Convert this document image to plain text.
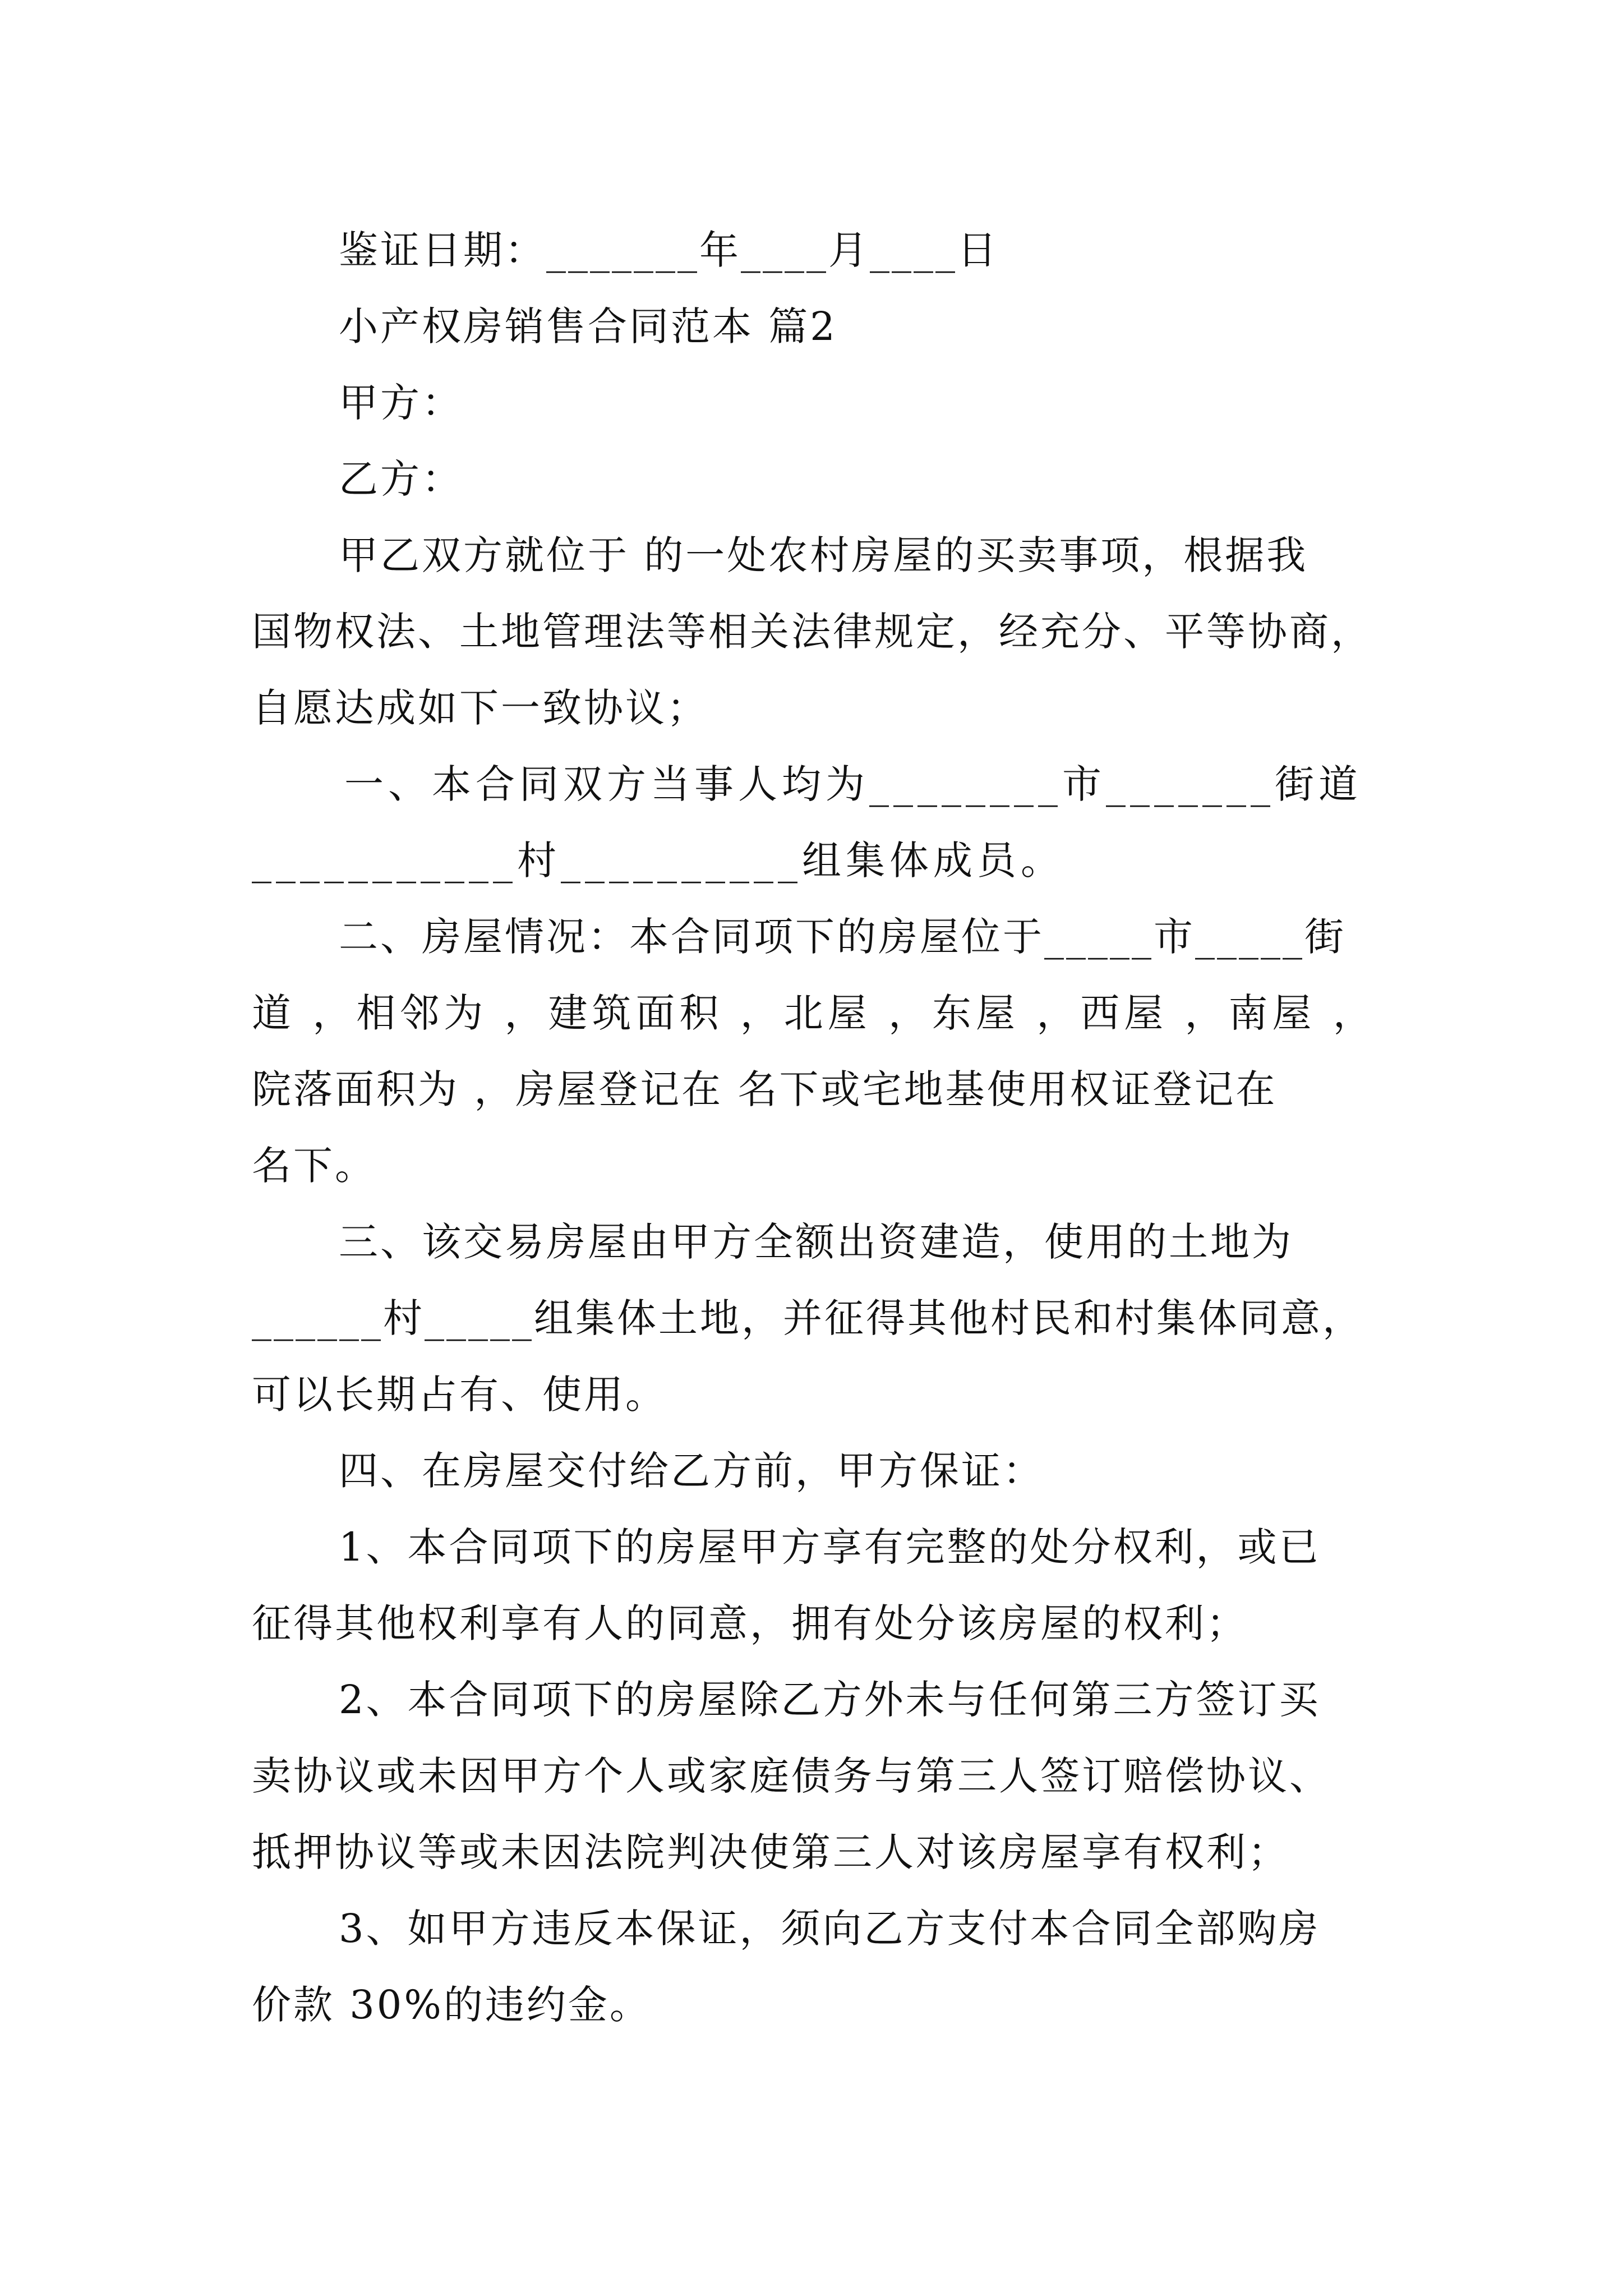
鉴证日期：_______年____月____日
小产权房销售合同范本 篇2
甲方：
乙方：
甲乙双方就位于 的一处农村房屋的买卖事项，根据我
国物权法、土地管理法等相关法律规定，经充分、平等协商，
自愿达成如下一致协议；
一、本合同双方当事人均为________市_______街道
___________村__________组集体成员。
二、房屋情况：本合同项下的房屋位于_____市_____街
道 ，相邻为 ，建筑面积 ，北屋 ，东屋 ，西屋 ，南屋 ，
院落面积为 ，房屋登记在 名下或宅地基使用权证登记在
名下。
三、该交易房屋由甲方全额出资建造，使用的土地为
______村_____组集体土地，并征得其他村民和村集体同意，
可以长期占有、使用。
四、在房屋交付给乙方前，甲方保证：
1、本合同项下的房屋甲方享有完整的处分权利，或已
征得其他权利享有人的同意，拥有处分该房屋的权利；
2、本合同项下的房屋除乙方外未与任何第三方签订买
卖协议或未因甲方个人或家庭债务与第三人签订赔偿协议、
抵押协议等或未因法院判决使第三人对该房屋享有权利；
3、如甲方违反本保证，须向乙方支付本合同全部购房
价款 30%的违约金。
